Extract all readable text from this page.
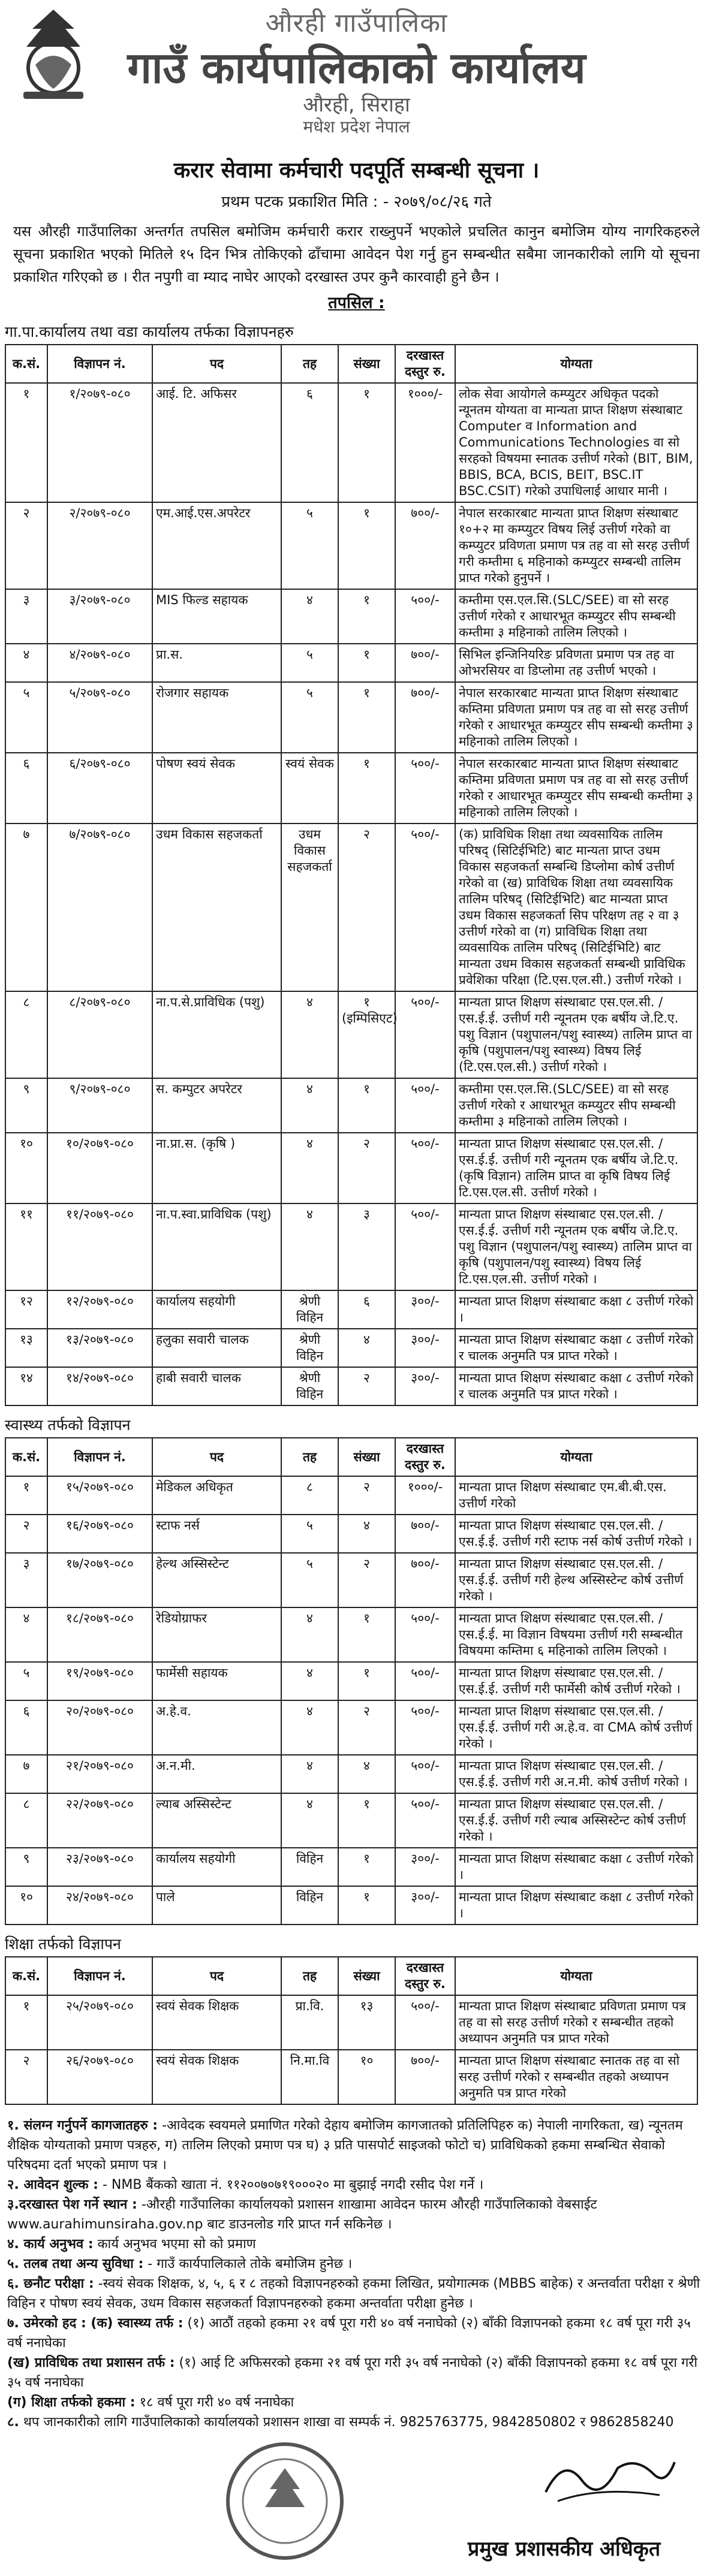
औरही गाउँपालिका
गाउँ कार्यपालिकाको कार्यालय
औरही, सिराहा
मधेश प्रदेश नेपाल
करार सेवामा कर्मचारी पदपूर्ति सम्बन्धी सूचना ।
प्रथम पटक प्रकाशित मिति : - २०७९/०८/२६ गते
यस औरही गाउँपालिका अन्तर्गत तपसिल बमोजिम कर्मचारी करार राख्नुपर्ने भएकोले प्रचलित कानुन बमोजिम योग्य नागरिकहरुले सूचना प्रकाशित भएको मितिले १५ दिन भित्र तोकिएको ढाँचामा आवेदन पेश गर्नु हुन सम्बन्धीत सबैमा जानकारीको लागि यो सूचना प्रकाशित गरिएको छ । रीत नपुगी वा म्याद नाघेर आएको दरखास्त उपर कुनै कारवाही हुने छैन ।
तपसिल :
गा.पा.कार्यालय तथा वडा कार्यालय तर्फका विज्ञापनहरु
क.सं.	विज्ञापन नं.	पद	तह	संख्या	दरखास्त दस्तुर रु.	योग्यता
१	१/२०७९-०८०	आई. टि. अफिसर	६	१	१०००/-	लोक सेवा आयोगले कम्प्युटर अधिकृत पदको न्यूनतम योग्यता वा मान्यता प्राप्त शिक्षण संस्थाबाट Computer व Information and Communications Technologies वा सो सरहको विषयमा स्नातक उत्तीर्ण गरेको (BIT, BIM, BBIS, BCA, BCIS, BEIT, BSC.IT BSC.CSIT) गरेको उपाधिलाई आधार मानी ।
२	२/२०७९-०८०	एम.आई.एस.अपरेटर	५	१	७००/-	नेपाल सरकारबाट मान्यता प्राप्त शिक्षण संस्थाबाट १०+२ मा कम्प्युटर विषय लिई उत्तीर्ण गरेको वा कम्प्युटर प्रविणता प्रमाण पत्र तह वा सो सरह उत्तीर्ण गरी कम्तीमा ६ महिनाको कम्प्युटर सम्बन्धी तालिम प्राप्त गरेको हुनुपर्ने ।
३	३/२०७९-०८०	MIS फिल्ड सहायक	४	१	५००/-	कम्तीमा एस.एल.सि.(SLC/SEE) वा सो सरह उत्तीर्ण गरेको र आधारभूत कम्प्युटर सीप सम्बन्धी कम्तीमा ३ महिनाको तालिम लिएको ।
४	४/२०७९-०८०	प्रा.स.	५	१	७००/-	सिभिल इन्जिनियरिङ प्रविणता प्रमाण पत्र तह वा ओभरसियर वा डिप्लोमा तह उत्तीर्ण भएको ।
५	५/२०७९-०८०	रोजगार सहायक	५	१	७००/-	नेपाल सरकारबाट मान्यता प्राप्त शिक्षण संस्थाबाट कम्तिमा प्रविणता प्रमाण पत्र तह वा सो सरह उत्तीर्ण गरेको र आधारभूत कम्प्युटर सीप सम्बन्धी कम्तीमा ३ महिनाको तालिम लिएको ।
६	६/२०७९-०८०	पोषण स्वयं सेवक	स्वयं सेवक	१	५००/-	नेपाल सरकारबाट मान्यता प्राप्त शिक्षण संस्थाबाट कम्तिमा प्रविणता प्रमाण पत्र तह वा सो सरह उत्तीर्ण गरेको र आधारभूत कम्प्युटर सीप सम्बन्धी कम्तीमा ३ महिनाको तालिम लिएको ।
७	७/२०७९-०८०	उधम विकास सहजकर्ता	उधम विकास सहजकर्ता	२	५००/-	(क) प्राविधिक शिक्षा तथा व्यवसायिक तालिम परिषद् (सिटिईभिटि) बाट मान्यता प्राप्त उधम विकास सहजकर्ता सम्बन्धि डिप्लोमा कोर्ष उत्तीर्ण गरेको वा (ख) प्राविधिक शिक्षा तथा व्यवसायिक तालिम परिषद् (सिटिईभिटि) बाट मान्यता प्राप्त उधम विकास सहजकर्ता सिप परिक्षण तह २ वा ३ उत्तीर्ण गरेको वा (ग) प्राविधिक शिक्षा तथा व्यवसायिक तालिम परिषद् (सिटिईभिटि) बाट मान्यता उधम विकास सहजकर्ता सम्बन्धी प्राविधिक प्रवेशिका परिक्षा (टि.एस.एल.सी.) उत्तीर्ण गरेको ।
८	८/२०७९-०८०	ना.प.से.प्राविधिक (पशु)	४	१ (इम्पिसिएट)	५००/-	मान्यता प्राप्त शिक्षण संस्थाबाट एस.एल.सी. / एस.ई.ई. उत्तीर्ण गरी न्यूनतम एक बर्षीय जे.टि.ए. पशु विज्ञान (पशुपालन/पशु स्वास्थ्य) तालिम प्राप्त वा कृषि (पशुपालन/पशु स्वास्थ्य) विषय लिई (टि.एस.एल.सी.) उत्तीर्ण गरेको ।
९	९/२०७९-०८०	स. कम्पुटर अपरेटर	४	१	५००/-	कम्तीमा एस.एल.सि.(SLC/SEE) वा सो सरह उत्तीर्ण गरेको र आधारभूत कम्प्युटर सीप सम्बन्धी कम्तीमा ३ महिनाको तालिम लिएको ।
१०	१०/२०७९-०८०	ना.प्रा.स. (कृषि )	४	२	५००/-	मान्यता प्राप्त शिक्षण संस्थाबाट एस.एल.सी. / एस.ई.ई. उत्तीर्ण गरी न्यूनतम एक बर्षीय जे.टि.ए. (कृषि विज्ञान) तालिम प्राप्त वा कृषि विषय लिई टि.एस.एल.सी. उत्तीर्ण गरेको ।
११	११/२०७९-०८०	ना.प.स्वा.प्राविधिक (पशु)	४	३	५००/-	मान्यता प्राप्त शिक्षण संस्थाबाट एस.एल.सी. / एस.ई.ई. उत्तीर्ण गरी न्यूनतम एक बर्षीय जे.टि.ए. पशु विज्ञान (पशुपालन/पशु स्वास्थ्य) तालिम प्राप्त वा कृषि (पशुपालन/पशु स्वास्थ्य) विषय लिई टि.एस.एल.सी. उत्तीर्ण गरेको ।
१२	१२/२०७९-०८०	कार्यालय सहयोगी	श्रेणी विहिन	६	३००/-	मान्यता प्राप्त शिक्षण संस्थाबाट कक्षा ८ उत्तीर्ण गरेको ।
१३	१३/२०७९-०८०	हलुका सवारी चालक	श्रेणी विहिन	४	३००/-	मान्यता प्राप्त शिक्षण संस्थाबाट कक्षा ८ उत्तीर्ण गरेको र चालक अनुमति पत्र प्राप्त गरेको ।
१४	१४/२०७९-०८०	हाबी सवारी चालक	श्रेणी विहिन	२	३००/-	मान्यता प्राप्त शिक्षण संस्थाबाट कक्षा ८ उत्तीर्ण गरेको र चालक अनुमति पत्र प्राप्त गरेको ।
स्वास्थ्य तर्फको विज्ञापन
क.सं.	विज्ञापन नं.	पद	तह	संख्या	दरखास्त दस्तुर रु.	योग्यता
१	१५/२०७९-०८०	मेडिकल अधिकृत	८	२	१०००/-	मान्यता प्राप्त शिक्षण संस्थाबाट एम.बी.बी.एस. उत्तीर्ण गरेको
२	१६/२०७९-०८०	स्टाफ नर्स	५	४	७००/-	मान्यता प्राप्त शिक्षण संस्थाबाट एस.एल.सी. / एस.ई.ई. उत्तीर्ण गरी स्टाफ नर्स कोर्ष उत्तीर्ण गरेको ।
३	१७/२०७९-०८०	हेल्थ अस्सिस्टेन्ट	५	२	७००/-	मान्यता प्राप्त शिक्षण संस्थाबाट एस.एल.सी. / एस.ई.ई. उत्तीर्ण गरी हेल्थ अस्सिस्टेन्ट कोर्ष उत्तीर्ण गरेको ।
४	१८/२०७९-०८०	रेडियोग्राफर	४	१	५००/-	मान्यता प्राप्त शिक्षण संस्थाबाट एस.एल.सी. / एस.ई.ई. मा विज्ञान विषयमा उत्तीर्ण गरी सम्बन्धीत विषयमा कम्तिमा ६ महिनाको तालिम लिएको ।
५	१९/२०७९-०८०	फार्मेसी सहायक	४	१	५००/-	मान्यता प्राप्त शिक्षण संस्थाबाट एस.एल.सी. / एस.ई.ई. उत्तीर्ण गरी फार्मेसी कोर्ष उत्तीर्ण गरेको ।
६	२०/२०७९-०८०	अ.हे.व.	४	२	५००/-	मान्यता प्राप्त शिक्षण संस्थाबाट एस.एल.सी. / एस.ई.ई. उत्तीर्ण गरी अ.हे.व. वा CMA कोर्ष उत्तीर्ण गरेको ।
७	२१/२०७९-०८०	अ.न.मी.	४	४	५००/-	मान्यता प्राप्त शिक्षण संस्थाबाट एस.एल.सी. / एस.ई.ई. उत्तीर्ण गरी अ.न.मी. कोर्ष उत्तीर्ण गरेको ।
८	२२/२०७९-०८०	ल्याब अस्सिस्टेन्ट	४	१	५००/-	मान्यता प्राप्त शिक्षण संस्थाबाट एस.एल.सी. / एस.ई.ई. उत्तीर्ण गरी ल्याब अस्सिस्टेन्ट कोर्ष उत्तीर्ण गरेको ।
९	२३/२०७९-०८०	कार्यालय सहयोगी	विहिन	१	३००/-	मान्यता प्राप्त शिक्षण संस्थाबाट कक्षा ८ उत्तीर्ण गरेको ।
१०	२४/२०७९-०८०	पाले	विहिन	१	३००/-	मान्यता प्राप्त शिक्षण संस्थाबाट कक्षा ८ उत्तीर्ण गरेको ।
शिक्षा तर्फको विज्ञापन
क.सं.	विज्ञापन नं.	पद	तह	संख्या	दरखास्त दस्तुर रु.	योग्यता
१	२५/२०७९-०८०	स्वयं सेवक शिक्षक	प्रा.वि.	१३	५००/-	मान्यता प्राप्त शिक्षण संस्थाबाट प्रविणता प्रमाण पत्र तह वा सो सरह उत्तीर्ण गरेको र सम्बन्धीत तहको अध्यापन अनुमति पत्र प्राप्त गरेको
२	२६/२०७९-०८०	स्वयं सेवक शिक्षक	नि.मा.वि	१०	७००/-	मान्यता प्राप्त शिक्षण संस्थाबाट स्नातक तह वा सो सरह उत्तीर्ण गरेको र सम्बन्धीत तहको अध्यापन अनुमति पत्र प्राप्त गरेको
१. संलग्न गर्नुपर्ने कागजातहरु : -आवेदक स्वयमले प्रमाणित गरेको देहाय बमोजिम कागजातको प्रतिलिपिहरु क) नेपाली नागरिकता, ख) न्यूनतम शैक्षिक योग्यताको प्रमाण पत्रहरु, ग) तालिम लिएको प्रमाण पत्र घ) ३ प्रति पासपोर्ट साइजको फोटो च) प्राविधिकको हकमा सम्बन्धित सेवाको परिषदमा दर्ता भएको प्रमाण पत्र ।
२. आवेदन शुल्क : - NMB बैंकको खाता नं. ११२००७०७१९०००२० मा बुझाई नगदी रसीद पेश गर्ने ।
३.दरखास्त पेश गर्ने स्थान : -औरही गाउँपालिका कार्यालयको प्रशासन शाखामा आवेदन फारम औरही गाउँपालिकाको वेबसाईट www.aurahimunsiraha.gov.np बाट डाउनलोड गरि प्राप्त गर्न सकिनेछ ।
४. कार्य अनुभव : कार्य अनुभव भएमा सो को प्रमाण
५. तलब तथा अन्य सुविधा : - गाउँ कार्यपालिकाले तोके बमोजिम हुनेछ ।
६. छनौट परीक्षा : -स्वयं सेवक शिक्षक, ४, ५, ६ र ८ तहको विज्ञापनहरुको हकमा लिखित, प्रयोगात्मक (MBBS बाहेक) र अन्तर्वाता परीक्षा र श्रेणी विहिन र पोषण स्वयं सेवक, उधम विकास सहजकर्ता विज्ञापनहरुको हकमा अन्तर्वाता परीक्षा हुनेछ ।
७. उमेरको हद : (क) स्वास्थ्य तर्फ : (१) आठौं तहको हकमा २१ वर्ष पूरा गरी ४० वर्ष ननाघेको (२) बाँकी विज्ञापनको हकमा १८ वर्ष पूरा गरी ३५ वर्ष ननाघेका
(ख) प्राविधिक तथा प्रशासन तर्फ : (१) आई टि अफिसरको हकमा २१ वर्ष पूरा गरी ३५ वर्ष ननाघेको (२) बाँकी विज्ञापनको हकमा १८ वर्ष पूरा गरी ३५ वर्ष ननाघेका
(ग) शिक्षा तर्फको हकमा : १८ वर्ष पूरा गरी ४० वर्ष ननाघेका
८. थप जानकारीको लागि गाउँपालिकाको कार्यालयको प्रशासन शाखा वा सम्पर्क नं. 9825763775, 9842850802 र 9862858240
प्रमुख प्रशासकीय अधिकृत
